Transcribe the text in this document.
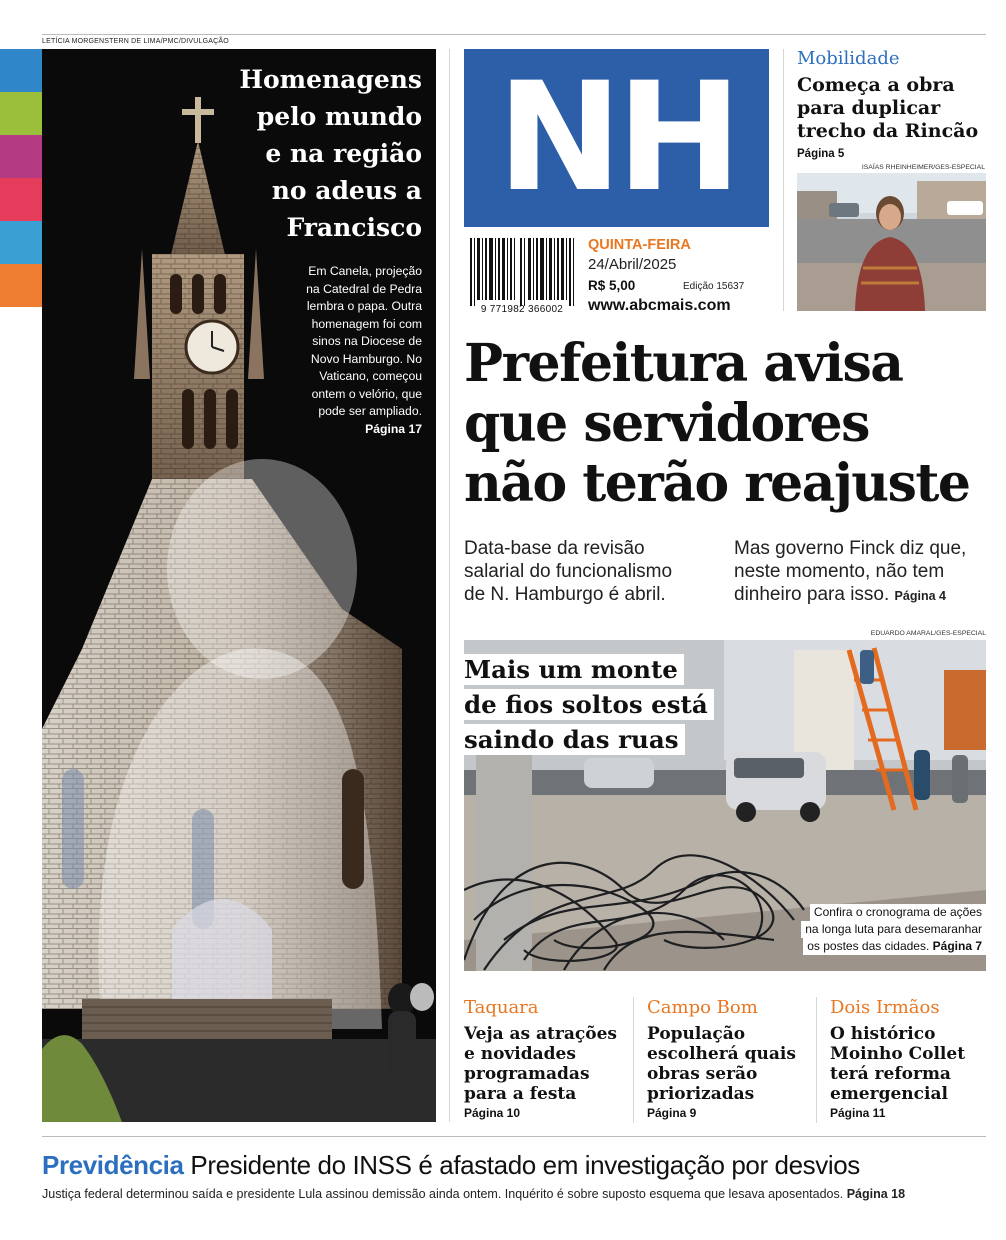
LETÍCIA MORGENSTERN DE LIMA/PMC/DIVULGAÇÃO
Homenagens
pelo mundo
e na região
no adeus a
Francisco
Em Canela, projeção
na Catedral de Pedra
lembra o papa. Outra
homenagem foi com
sinos na Diocese de
Novo Hamburgo. No
Vaticano, começou
ontem o velório, que
pode ser ampliado.
Página 17
NH
9 771982 366002
QUINTA-FEIRA
24/Abril/2025
R$ 5,00	Edição 15637
www.abcmais.com
Mobilidade
Começa a obra
para duplicar
trecho da Rincão
Página 5
ISAÍAS RHEINHEIMER/GES-ESPECIAL
Prefeitura avisa
que servidores
não terão reajuste
Data-base da revisão
salarial do funcionalismo
de N. Hamburgo é abril.
Mas governo Finck diz que,
neste momento, não tem
dinheiro para isso. Página 4
EDUARDO AMARAL/GES-ESPECIAL
Mais um monte
de fios soltos está
saindo das ruas
Confira o cronograma de ações
na longa luta para desemaranhar
os postes das cidades. Página 7
Taquara
Veja as atrações
e novidades
programadas
para a festa
Página 10
Campo Bom
População
escolherá quais
obras serão
priorizadas
Página 9
Dois Irmãos
O histórico
Moinho Collet
terá reforma
emergencial
Página 11
Previdência Presidente do INSS é afastado em investigação por desvios
Justiça federal determinou saída e presidente Lula assinou demissão ainda ontem. Inquérito é sobre suposto esquema que lesava aposentados. Página 18
